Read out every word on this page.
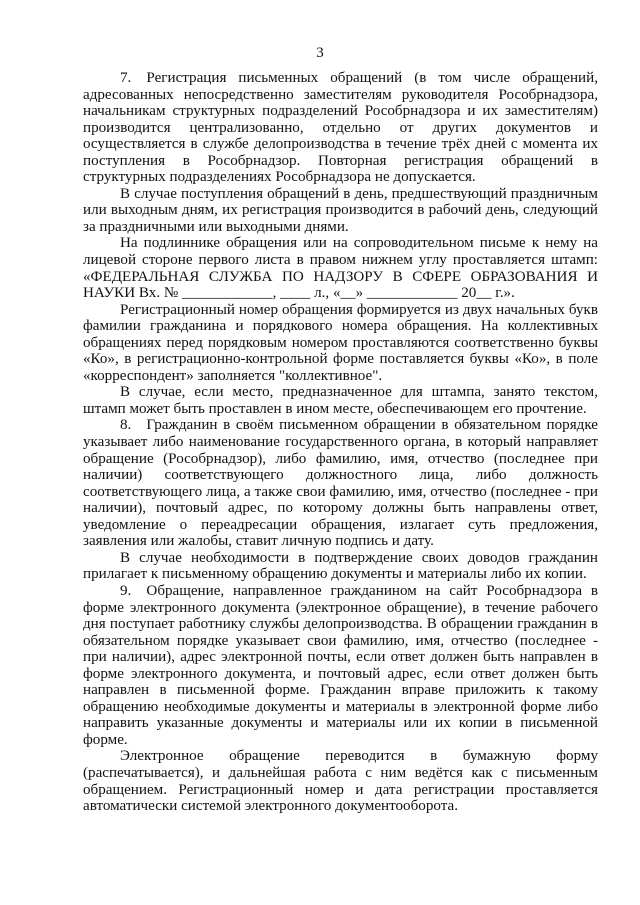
3

7. Регистрация письменных обращений (в том числе обращений, адресованных непосредственно заместителям руководителя Рособрнадзора, начальникам структурных подразделений Рособрнадзора и их заместителям) производится централизованно, отдельно от других документов и осуществляется в службе делопроизводства в течение трёх дней с момента их поступления в Рособрнадзор. Повторная регистрация обращений в структурных подразделениях Рособрнадзора не допускается.

В случае поступления обращений в день, предшествующий праздничным или выходным дням, их регистрация производится в рабочий день, следующий за праздничными или выходными днями.

На подлиннике обращения или на сопроводительном письме к нему на лицевой стороне первого листа в правом нижнем углу проставляется штамп: «ФЕДЕРАЛЬНАЯ СЛУЖБА ПО НАДЗОРУ В СФЕРЕ ОБРАЗОВАНИЯ И НАУКИ Вх. № ____________, ____ л., «__» ____________ 20__ г.».

Регистрационный номер обращения формируется из двух начальных букв фамилии гражданина и порядкового номера обращения. На коллективных обращениях перед порядковым номером проставляются соответственно буквы «Ко», в регистрационно-контрольной форме поставляется буквы «Ко», в поле «корреспондент» заполняется "коллективное".

В случае, если место, предназначенное для штампа, занято текстом, штамп может быть проставлен в ином месте, обеспечивающем его прочтение.

8. Гражданин в своём письменном обращении в обязательном порядке указывает либо наименование государственного органа, в который направляет обращение (Рособрнадзор), либо фамилию, имя, отчество (последнее при наличии) соответствующего должностного лица, либо должность соответствующего лица, а также свои фамилию, имя, отчество (последнее - при наличии), почтовый адрес, по которому должны быть направлены ответ, уведомление о переадресации обращения, излагает суть предложения, заявления или жалобы, ставит личную подпись и дату.

В случае необходимости в подтверждение своих доводов гражданин прилагает к письменному обращению документы и материалы либо их копии.

9. Обращение, направленное гражданином на сайт Рособрнадзора в форме электронного документа (электронное обращение), в течение рабочего дня поступает работнику службы делопроизводства. В обращении гражданин в обязательном порядке указывает свои фамилию, имя, отчество (последнее - при наличии), адрес электронной почты, если ответ должен быть направлен в форме электронного документа, и почтовый адрес, если ответ должен быть направлен в письменной форме. Гражданин вправе приложить к такому обращению необходимые документы и материалы в электронной форме либо направить указанные документы и материалы или их копии в письменной форме.

Электронное обращение переводится в бумажную форму (распечатывается), и дальнейшая работа с ним ведётся как с письменным обращением. Регистрационный номер и дата регистрации проставляется автоматически системой электронного документооборота.
